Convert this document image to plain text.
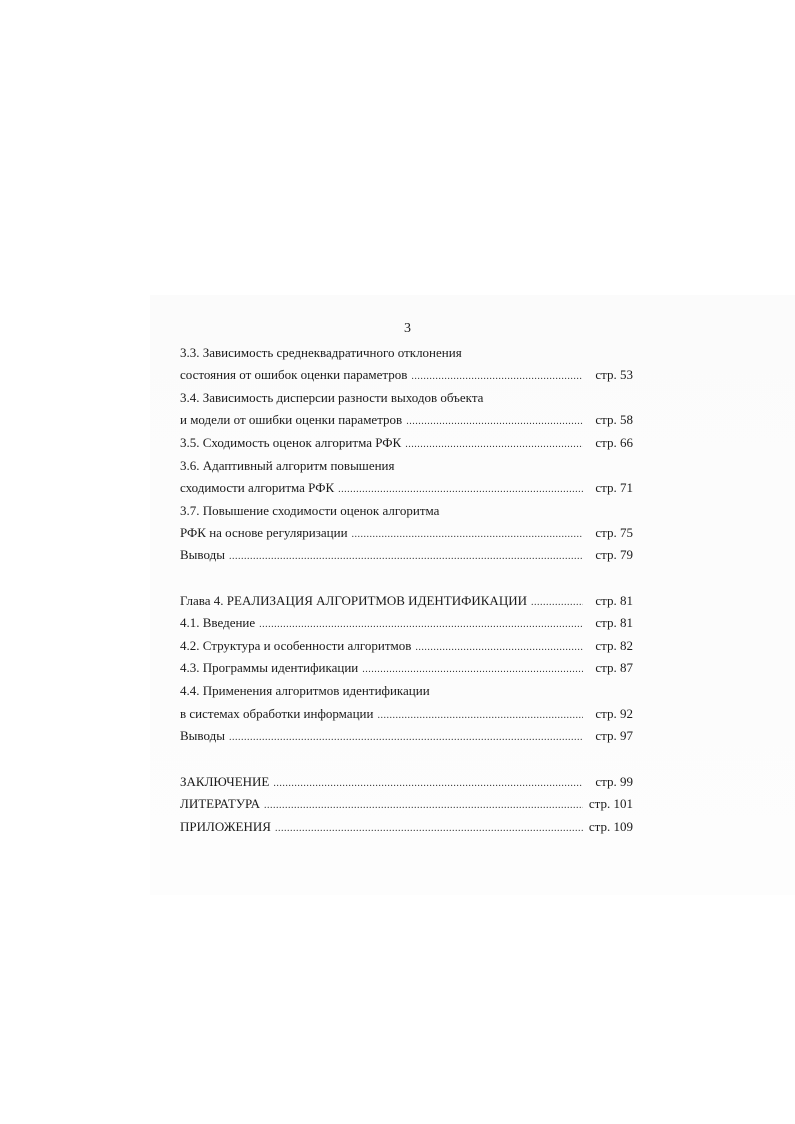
3
3.3. Зависимость среднеквадратичного отклонения
состояния от ошибок оценки параметров .....	стр. 53
3.4. Зависимость дисперсии разности выходов объекта
и модели от ошибки оценки параметров .....	стр. 58
3.5. Сходимость оценок алгоритма РФК .....	стр. 66
3.6. Адаптивный алгоритм повышения
сходимости алгоритма РФК .....	стр. 71
3.7. Повышение сходимости оценок алгоритма
РФК на основе регуляризации .....	стр. 75
Выводы .....	стр. 79
Глава 4. РЕАЛИЗАЦИЯ АЛГОРИТМОВ ИДЕНТИФИКАЦИИ .....	стр. 81
4.1. Введение .....	стр. 81
4.2. Структура и особенности алгоритмов .....	стр. 82
4.3. Программы идентификации .....	стр. 87
4.4. Применения алгоритмов идентификации
в системах обработки информации .....	стр. 92
Выводы .....	стр. 97
ЗАКЛЮЧЕНИЕ .....	стр. 99
ЛИТЕРАТУРА .....	стр. 101
ПРИЛОЖЕНИЯ .....	стр. 109
